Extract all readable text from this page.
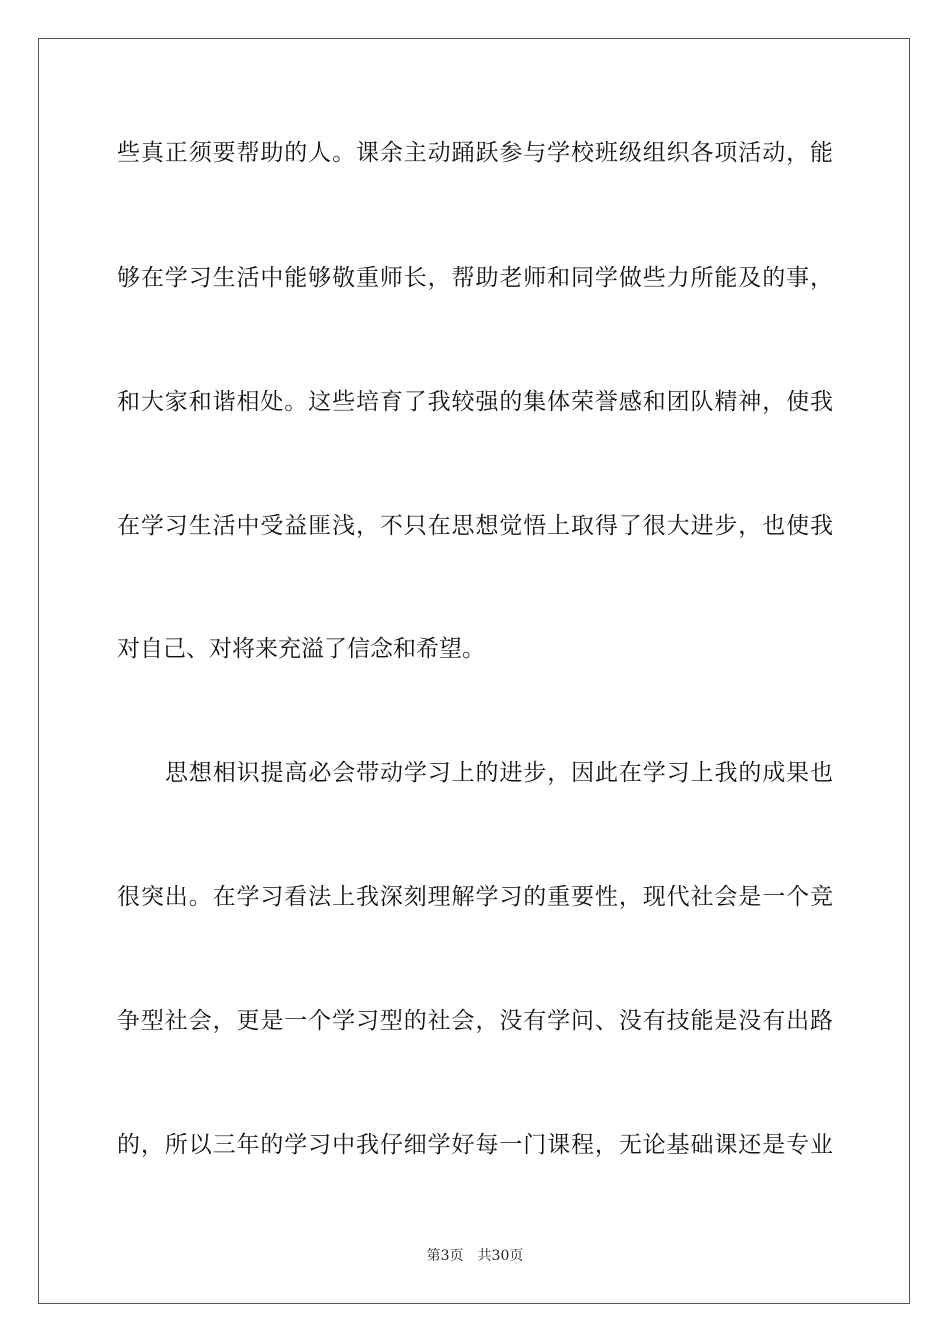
些真正须要帮助的人。课余主动踊跃参与学校班级组织各项活动，能
够在学习生活中能够敬重师长，帮助老师和同学做些力所能及的事，
和大家和谐相处。这些培育了我较强的集体荣誉感和团队精神，使我
在学习生活中受益匪浅，不只在思想觉悟上取得了很大进步，也使我
对自己、对将来充溢了信念和希望。
思想相识提高必会带动学习上的进步，因此在学习上我的成果也
很突出。在学习看法上我深刻理解学习的重要性，现代社会是一个竞
争型社会，更是一个学习型的社会，没有学问、没有技能是没有出路
的，所以三年的学习中我仔细学好每一门课程，无论基础课还是专业
第3页 共30页
